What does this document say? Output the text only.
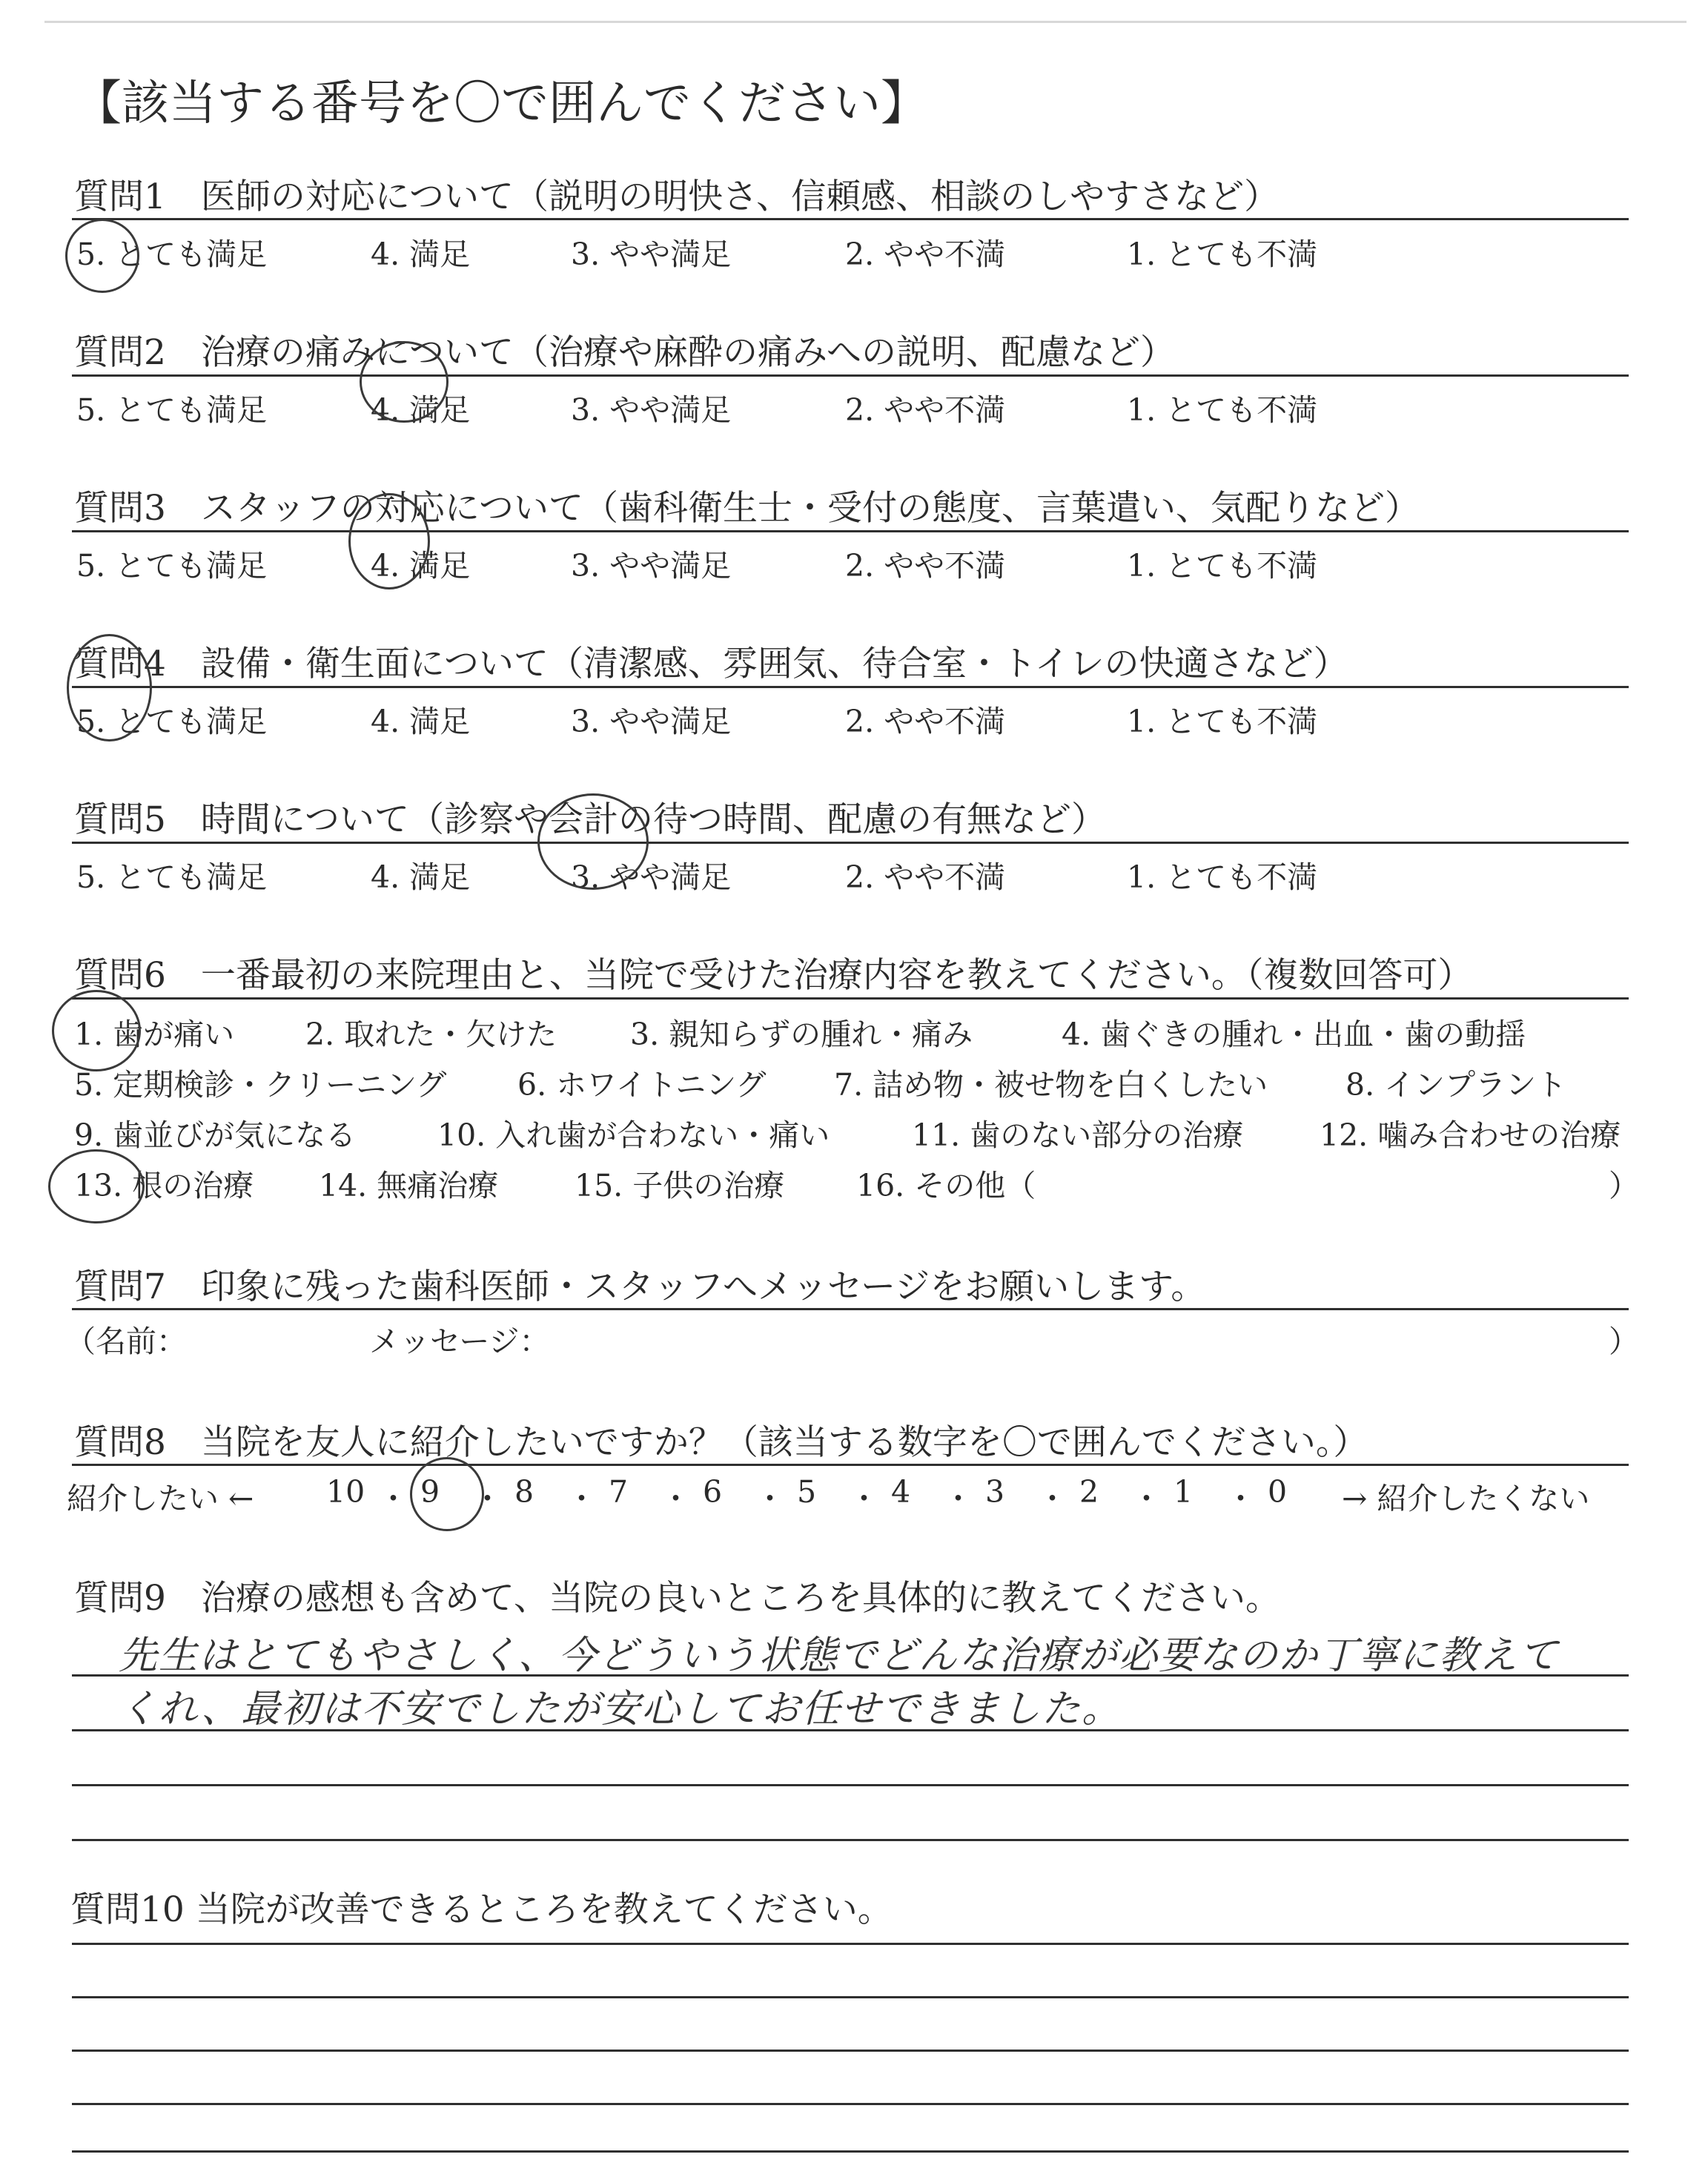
【該当する番号を〇で囲んでください】
質問1　医師の対応について（説明の明快さ、信頼感、相談のしやすさなど）
5. とても満足	4. 満足	3. やや満足	2. やや不満	1. とても不満
質問2　治療の痛みについて（治療や麻酔の痛みへの説明、配慮など）
5. とても満足	4. 満足	3. やや満足	2. やや不満	1. とても不満
質問3　スタッフの対応について（歯科衛生士・受付の態度、言葉遣い、気配りなど）
5. とても満足	4. 満足	3. やや満足	2. やや不満	1. とても不満
質問4　設備・衛生面について（清潔感、雰囲気、待合室・トイレの快適さなど）
5. とても満足	4. 満足	3. やや満足	2. やや不満	1. とても不満
質問5　時間について（診察や会計の待つ時間、配慮の有無など）
5. とても満足	4. 満足	3. やや満足	2. やや不満	1. とても不満
質問6　一番最初の来院理由と、当院で受けた治療内容を教えてください。（複数回答可）
1. 歯が痛い 2. 取れた・欠けた 3. 親知らずの腫れ・痛み	4. 歯ぐきの腫れ・出血・歯の動揺
5. 定期検診・クリーニング 6. ホワイトニング 7. 詰め物・被せ物を白くしたい	8. インプラント
9. 歯並びが気になる	10. 入れ歯が合わない・痛い	11. 歯のない部分の治療	12. 噛み合わせの治療
13. 根の治療 14. 無痛治療	15. 子供の治療 16. その他（	）
質問7　印象に残った歯科医師・スタッフへメッセージをお願いします。
（名前：	メッセージ：	）
質問8　当院を友人に紹介したいですか？（該当する数字を〇で囲んでください。）
紹介したい ←	→ 紹介したくない
10 ・ 9 ・ 8 ・ 7 ・ 6 ・ 5 ・ 4 ・ 3 ・ 2 ・ 1 ・ 0
質問9　治療の感想も含めて、当院の良いところを具体的に教えてください。
先生はとてもやさしく、今どういう状態でどんな治療が必要なのか丁寧に教えて
くれ、最初は不安でしたが安心してお任せできました。
質問10 当院が改善できるところを教えてください。
